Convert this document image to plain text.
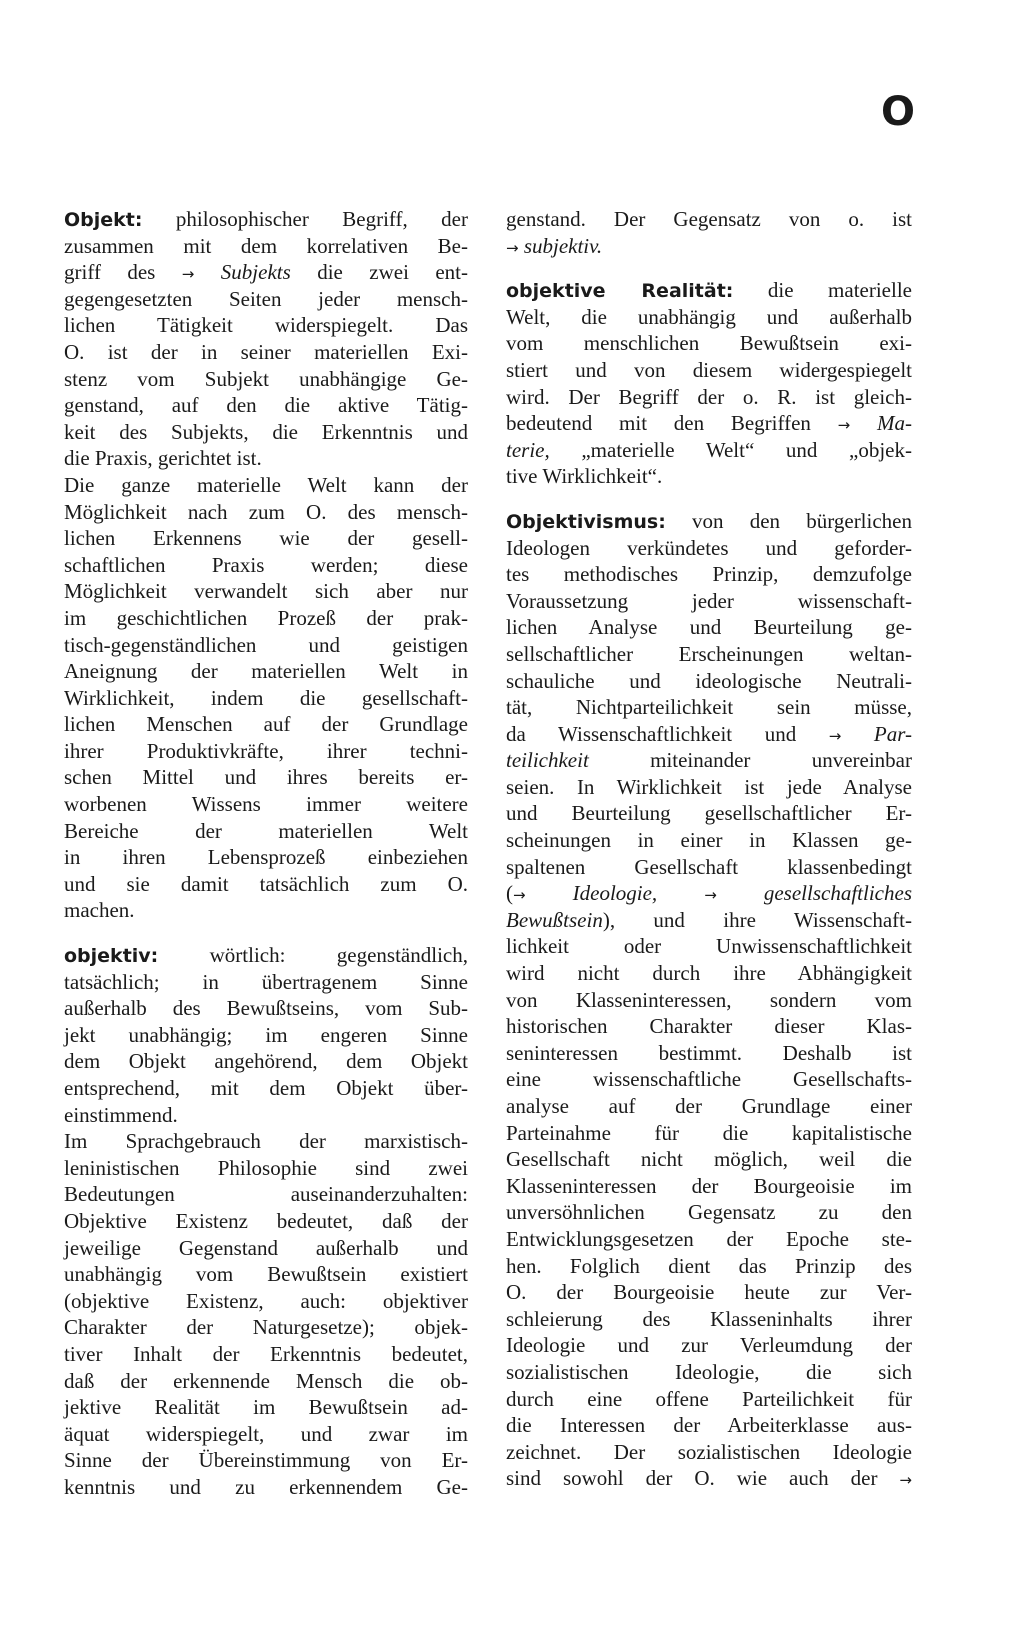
O
Objekt: philosophischer Begriff, der
zusammen mit dem korrelativen Be-
griff des → Subjekts die zwei ent-
gegengesetzten Seiten jeder mensch-
lichen Tätigkeit widerspiegelt. Das
O. ist der in seiner materiellen Exi-
stenz vom Subjekt unabhängige Ge-
genstand, auf den die aktive Tätig-
keit des Subjekts, die Erkenntnis und
die Praxis, gerichtet ist.
Die ganze materielle Welt kann der
Möglichkeit nach zum O. des mensch-
lichen Erkennens wie der gesell-
schaftlichen Praxis werden; diese
Möglichkeit verwandelt sich aber nur
im geschichtlichen Prozeß der prak-
tisch-gegenständlichen und geistigen
Aneignung der materiellen Welt in
Wirklichkeit, indem die gesellschaft-
lichen Menschen auf der Grundlage
ihrer Produktivkräfte, ihrer techni-
schen Mittel und ihres bereits er-
worbenen Wissens immer weitere
Bereiche der materiellen Welt
in ihren Lebensprozeß einbeziehen
und sie damit tatsächlich zum O.
machen.
objektiv: wörtlich: gegenständlich,
tatsächlich; in übertragenem Sinne
außerhalb des Bewußtseins, vom Sub-
jekt unabhängig; im engeren Sinne
dem Objekt angehörend, dem Objekt
entsprechend, mit dem Objekt über-
einstimmend.
Im Sprachgebrauch der marxistisch-
leninistischen Philosophie sind zwei
Bedeutungen auseinanderzuhalten:
Objektive Existenz bedeutet, daß der
jeweilige Gegenstand außerhalb und
unabhängig vom Bewußtsein existiert
(objektive Existenz, auch: objektiver
Charakter der Naturgesetze); objek-
tiver Inhalt der Erkenntnis bedeutet,
daß der erkennende Mensch die ob-
jektive Realität im Bewußtsein ad-
äquat widerspiegelt, und zwar im
Sinne der Übereinstimmung von Er-
kenntnis und zu erkennendem Ge-
genstand. Der Gegensatz von o. ist
→ subjektiv.
objektive Realität: die materielle
Welt, die unabhängig und außerhalb
vom menschlichen Bewußtsein exi-
stiert und von diesem widergespiegelt
wird. Der Begriff der o. R. ist gleich-
bedeutend mit den Begriffen → Ma-
terie, „materielle Welt“ und „objek-
tive Wirklichkeit“.
Objektivismus: von den bürgerlichen
Ideologen verkündetes und geforder-
tes methodisches Prinzip, demzufolge
Voraussetzung jeder wissenschaft-
lichen Analyse und Beurteilung ge-
sellschaftlicher Erscheinungen weltan-
schauliche und ideologische Neutrali-
tät, Nichtparteilichkeit sein müsse,
da Wissenschaftlichkeit und → Par-
teilichkeit miteinander unvereinbar
seien. In Wirklichkeit ist jede Analyse
und Beurteilung gesellschaftlicher Er-
scheinungen in einer in Klassen ge-
spaltenen Gesellschaft klassenbedingt
(→ Ideologie,	→ gesellschaftliches
Bewußtsein), und ihre Wissenschaft-
lichkeit oder Unwissenschaftlichkeit
wird nicht durch ihre Abhängigkeit
von Klasseninteressen, sondern vom
historischen Charakter dieser Klas-
seninteressen bestimmt. Deshalb ist
eine wissenschaftliche Gesellschafts-
analyse auf der Grundlage einer
Parteinahme für die kapitalistische
Gesellschaft nicht möglich, weil die
Klasseninteressen der Bourgeoisie im
unversöhnlichen Gegensatz zu den
Entwicklungsgesetzen der Epoche ste-
hen. Folglich dient das Prinzip des
O. der Bourgeoisie heute zur Ver-
schleierung des Klasseninhalts ihrer
Ideologie und zur Verleumdung der
sozialistischen Ideologie, die sich
durch eine offene Parteilichkeit für
die Interessen der Arbeiterklasse aus-
zeichnet. Der sozialistischen Ideologie
sind sowohl der O. wie auch der →
